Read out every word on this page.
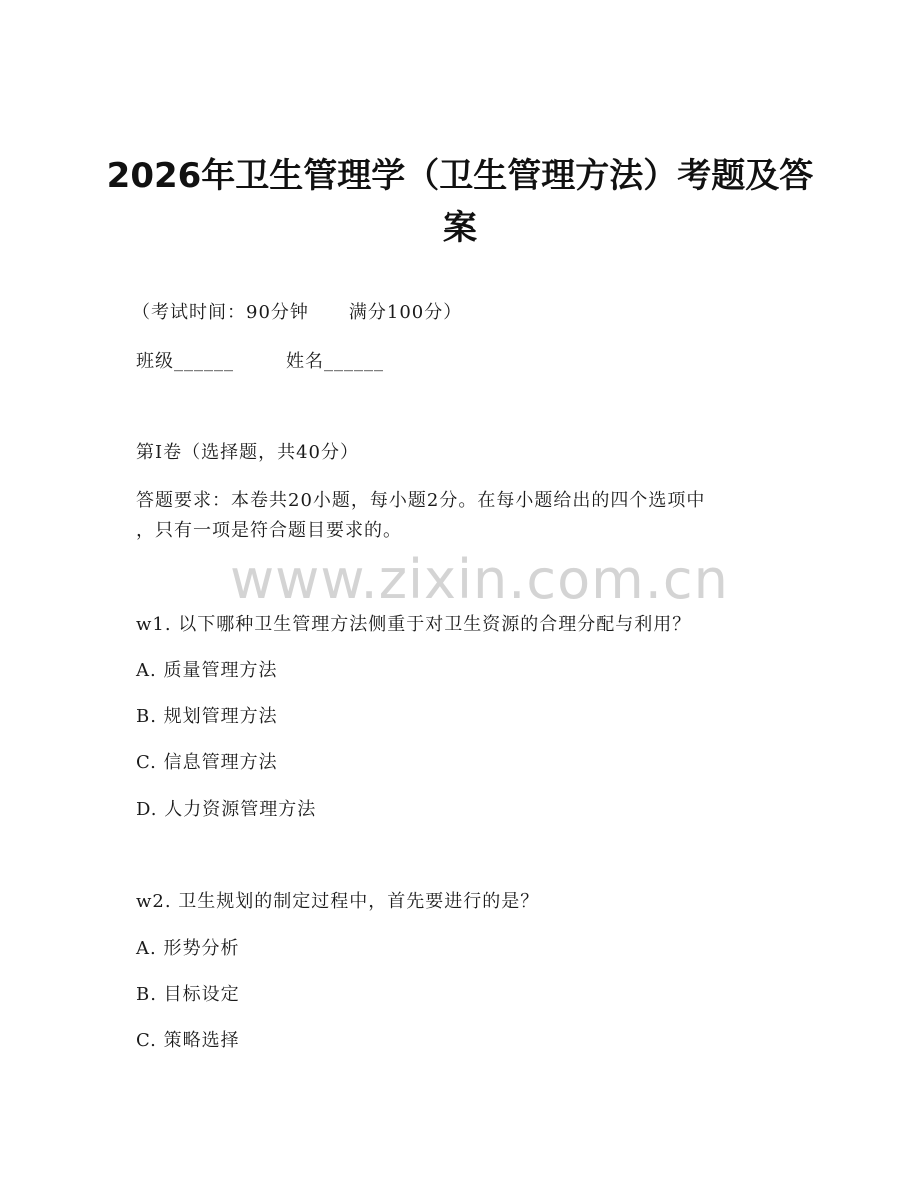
2026年卫生管理学（卫生管理方法）考题及答案
（考试时间：90分钟 满分100分）
班级______	姓名______
第I卷（选择题，共40分）
答题要求：本卷共20小题，每小题2分。在每小题给出的四个选项中
，只有一项是符合题目要求的。
www.zixin.com.cn
w1. 以下哪种卫生管理方法侧重于对卫生资源的合理分配与利用？
A. 质量管理方法
B. 规划管理方法
C. 信息管理方法
D. 人力资源管理方法
w2. 卫生规划的制定过程中，首先要进行的是？
A. 形势分析
B. 目标设定
C. 策略选择
